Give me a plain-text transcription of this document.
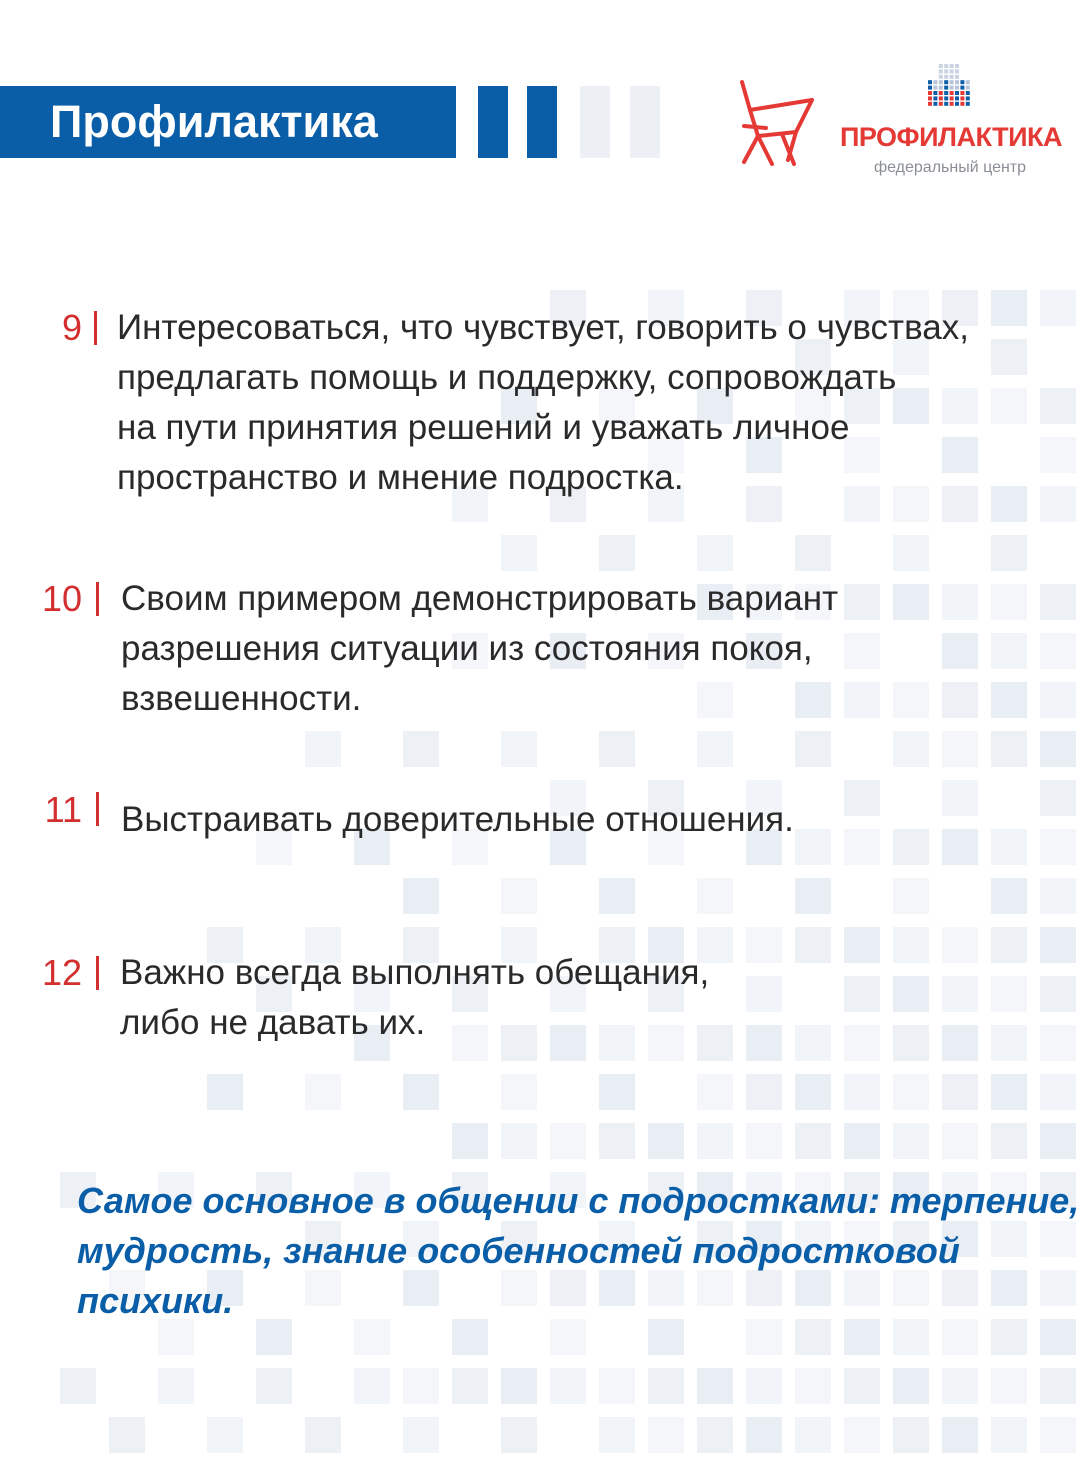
Профилактика	ПРОФИЛАКТИКА
федеральный центр
9 Интересоваться, что чувствует, говорить о чувствах,
предлагать помощь и поддержку, сопровождать
на пути принятия решений и уважать личное
пространство и мнение подростка.
10 Своим примером демонстрировать вариант
разрешения ситуации из состояния покоя,
взвешенности.
11 Выстраивать доверительные отношения.
12 Важно всегда выполнять обещания,
либо не давать их.
Самое основное в общении с подростками: терпение,
мудрость, знание особенностей подростковой
психики.
